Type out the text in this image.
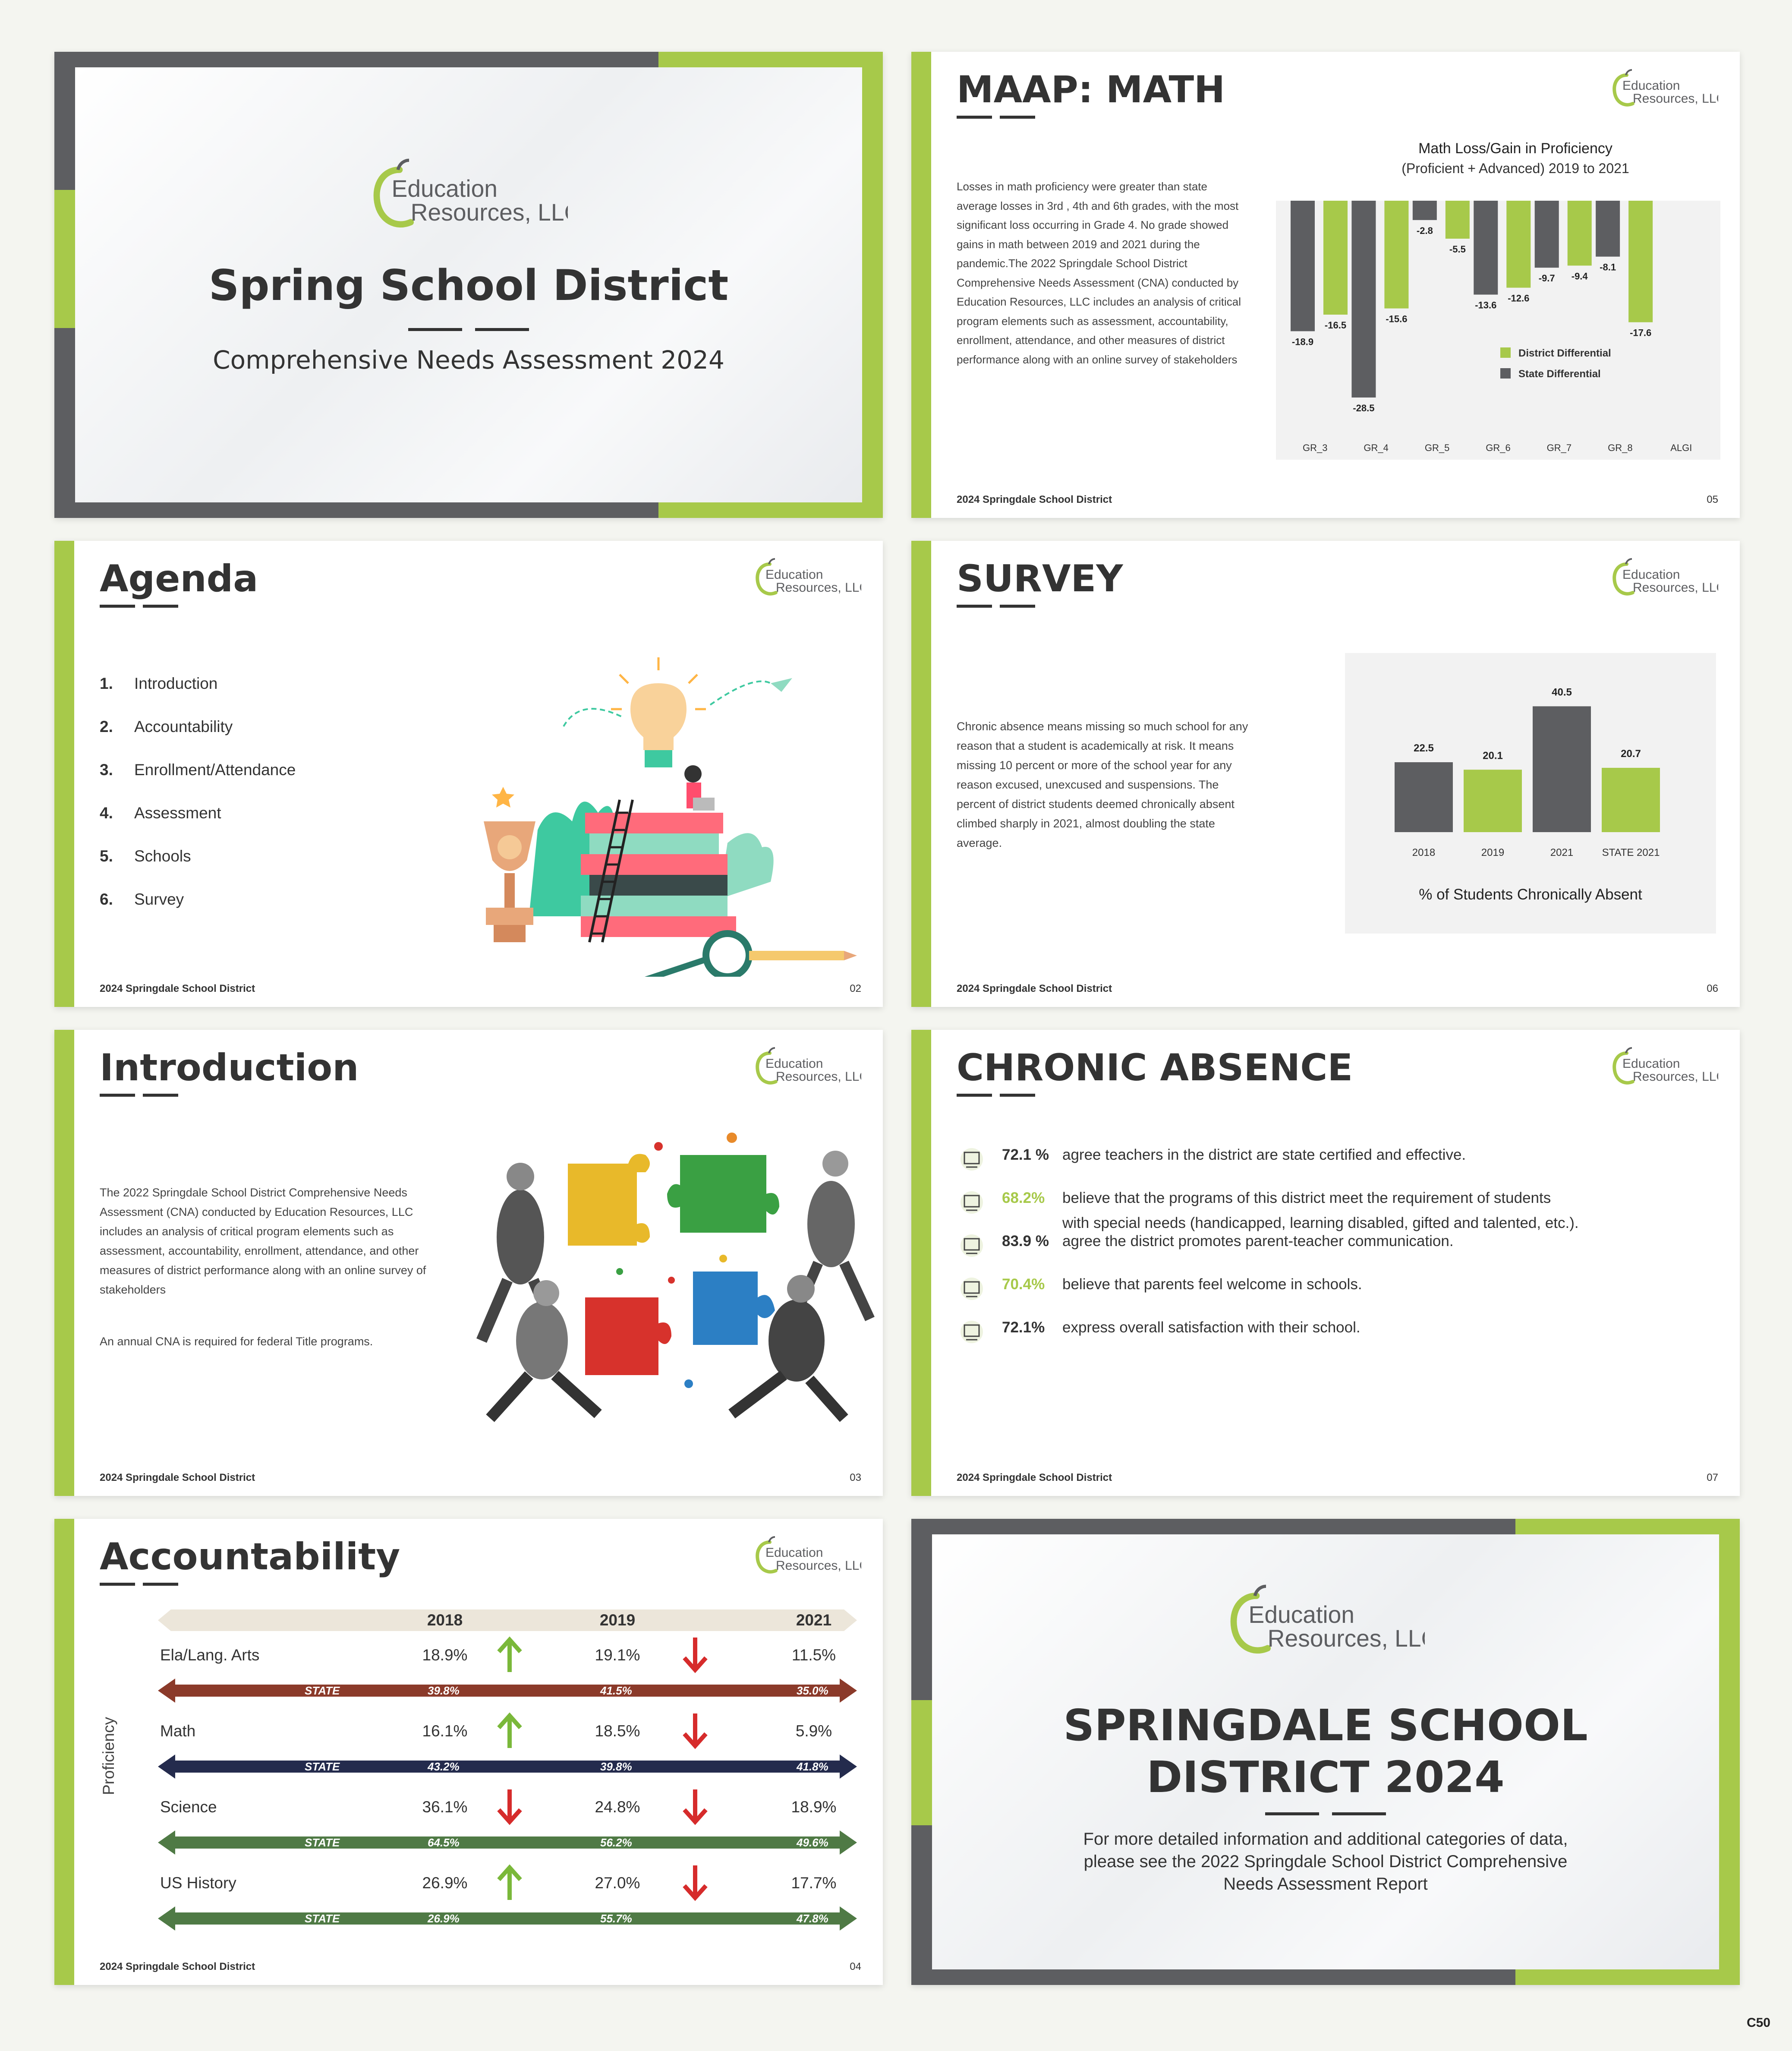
Education
Resources, LLC
Spring School District
Comprehensive Needs Assessment 2024
Agenda	Education
Resources, LLC
1.	Introduction
2.	Accountability
3.	Enrollment/Attendance
4.	Assessment
5.	Schools
6.	Survey
2024 Springdale School District	02
Introduction	Education
Resources, LLC
The 2022 Springdale School District Comprehensive Needs Assessment (CNA) conducted by Education Resources, LLC includes an analysis of critical program elements such as assessment, accountability, enrollment, attendance, and other measures of district performance along with an online survey of stakeholders
An annual CNA is required for federal Title programs.
2024 Springdale School District	03
Accountability	Education
Resources, LLC
Proficiency
2018	2019	2021
Ela/Lang. Arts	18.9%	19.1%	11.5%
STATE	39.8%	41.5%	35.0%
Math	16.1%	18.5%	5.9%
STATE	43.2%	39.8%	41.8%
Science	36.1%	24.8%	18.9%
STATE	64.5%	56.2%	49.6%
US History	26.9%	27.0%	17.7%
STATE	26.9%	55.7%	47.8%
2024 Springdale School District	04
MAAP: MATH	Education
Resources, LLC
Losses in math proficiency were greater than state average losses in 3rd , 4th and 6th grades, with the most significant loss occurring in Grade 4. No grade showed gains in math between 2019 and 2021 during the pandemic.The 2022 Springdale School District Comprehensive Needs Assessment (CNA) conducted by Education Resources, LLC includes an analysis of critical program elements such as assessment, accountability, enrollment, attendance, and other measures of district performance along with an online survey of stakeholders
Math Loss/Gain in Proficiency
(Proficient + Advanced) 2019 to 2021
GR_3	GR_4	GR_5	GR_6	GR_7	GR_8	ALGI
-18.9
-16.5
-28.5
-15.6
-2.8
-5.5
-13.6
-12.6
-9.7 -9.4
-8.1
-17.6
District Differential
State Differential
2024 Springdale School District	05
SURVEY	Education
Resources, LLC
Chronic absence means missing so much school for any reason that a student is academically at risk. It means missing 10 percent or more of the school year for any reason excused, unexcused and suspensions. The percent of district students deemed chronically absent climbed sharply in 2021, almost doubling the state average.
22.5
2018
20.1
2019
40.5
2021
20.7
STATE 2021
% of Students Chronically Absent
2024 Springdale School District	06
CHRONIC ABSENCE	Education
Resources, LLC
72.1 % agree teachers in the district are state certified and effective.
68.2%	believe that the programs of this district meet the requirement of students
with special needs (handicapped, learning disabled, gifted and talented, etc.).
83.9 % agree the district promotes parent-teacher communication.
70.4%	believe that parents feel welcome in schools.
72.1%	express overall satisfaction with their school.
2024 Springdale School District	07
Education
Resources, LLC
SPRINGDALE SCHOOL
DISTRICT 2024
For more detailed information and additional categories of data,
please see the 2022 Springdale School District Comprehensive
Needs Assessment Report
C50
